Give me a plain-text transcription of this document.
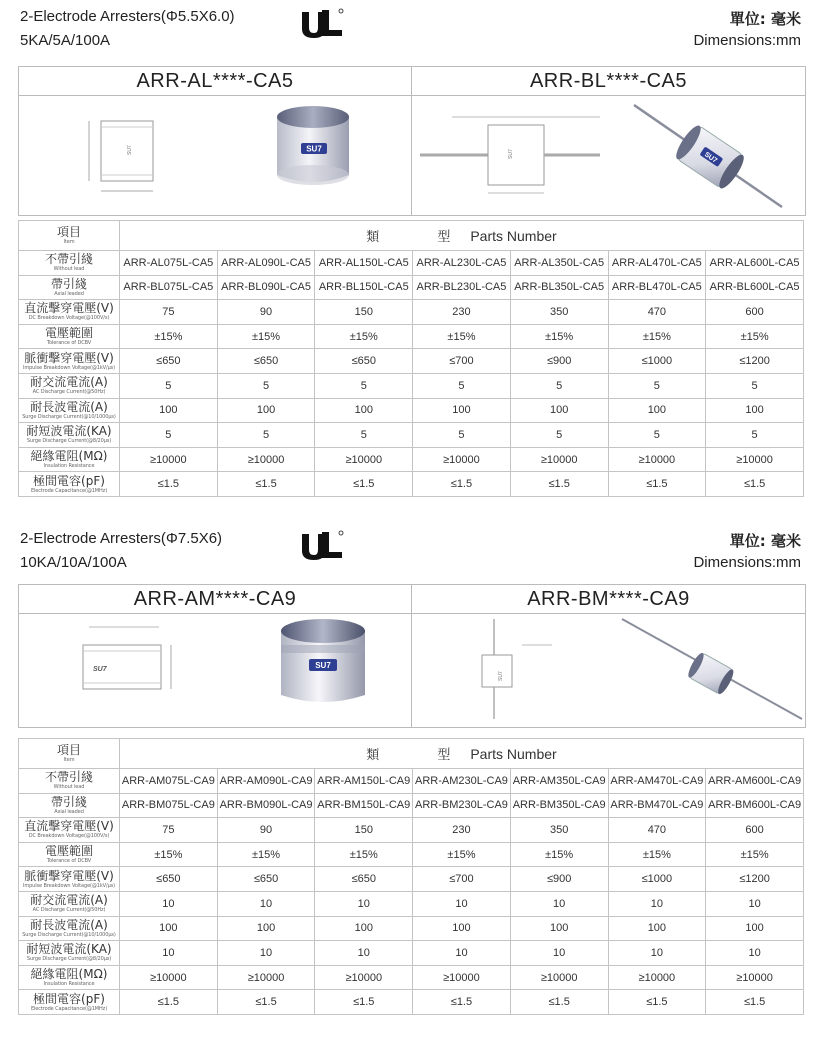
2-Electrode Arresters(Φ5.5X6.0)
5KA/5A/100A
單位: 毫米
Dimensions:mm
ARR-AL****-CA5
SU7	SU7
ARR-BL****-CA5
SU7	SU7
項目
Item	類 型 Parts Number						

不帶引綫
Without lead	ARR-AL075L-CA5	ARR-AL090L-CA5	ARR-AL150L-CA5	ARR-AL230L-CA5	ARR-AL350L-CA5	ARR-AL470L-CA5	ARR-AL600L-CA5

帶引綫
Axial leaded	ARR-BL075L-CA5	ARR-BL090L-CA5	ARR-BL150L-CA5	ARR-BL230L-CA5	ARR-BL350L-CA5	ARR-BL470L-CA5	ARR-BL600L-CA5

直流擊穿電壓(V)
DC Breakdown Voltage(@100V/s)	75	90	150	230	350	470	600

電壓範圍
Tolerance of DCBV	±15%	±15%	±15%	±15%	±15%	±15%	±15%

脈衝擊穿電壓(V)
Impulse Breakdown Voltage(@1kV/μs)	≤650	≤650	≤650	≤700	≤900	≤1000	≤1200

耐交流電流(A)
AC Discharge Current(@50Hz)	5	5	5	5	5	5	5

耐長波電流(A)
Surge Discharge Current(@10/1000μs)	100	100	100	100	100	100	100

耐短波電流(KA)
Surge Discharge Current(@8/20μs)	5	5	5	5	5	5	5

絕緣電阻(MΩ)
Insulation Resistance	≥10000	≥10000	≥10000	≥10000	≥10000	≥10000	≥10000

極間電容(pF)
Electrode Capacitance(@1MHz)	≤1.5	≤1.5	≤1.5	≤1.5	≤1.5	≤1.5	≤1.5
2-Electrode Arresters(Φ7.5X6)
10KA/10A/100A
單位: 毫米
Dimensions:mm
ARR-AM****-CA9
SU7	SU7
ARR-BM****-CA9
SU7
項目
Item	類 型 Parts Number						

不帶引綫
Without lead	ARR-AM075L-CA9	ARR-AM090L-CA9	ARR-AM150L-CA9	ARR-AM230L-CA9	ARR-AM350L-CA9	ARR-AM470L-CA9	ARR-AM600L-CA9

帶引綫
Axial leaded	ARR-BM075L-CA9	ARR-BM090L-CA9	ARR-BM150L-CA9	ARR-BM230L-CA9	ARR-BM350L-CA9	ARR-BM470L-CA9	ARR-BM600L-CA9

直流擊穿電壓(V)
DC Breakdown Voltage(@100V/s)	75	90	150	230	350	470	600

電壓範圍
Tolerance of DCBV	±15%	±15%	±15%	±15%	±15%	±15%	±15%

脈衝擊穿電壓(V)
Impulse Breakdown Voltage(@1kV/μs)	≤650	≤650	≤650	≤700	≤900	≤1000	≤1200

耐交流電流(A)
AC Discharge Current(@50Hz)	10	10	10	10	10	10	10

耐長波電流(A)
Surge Discharge Current(@10/1000μs)	100	100	100	100	100	100	100

耐短波電流(KA)
Surge Discharge Current(@8/20μs)	10	10	10	10	10	10	10

絕緣電阻(MΩ)
Insulation Resistance	≥10000	≥10000	≥10000	≥10000	≥10000	≥10000	≥10000

極間電容(pF)
Electrode Capacitance(@1MHz)	≤1.5	≤1.5	≤1.5	≤1.5	≤1.5	≤1.5	≤1.5
